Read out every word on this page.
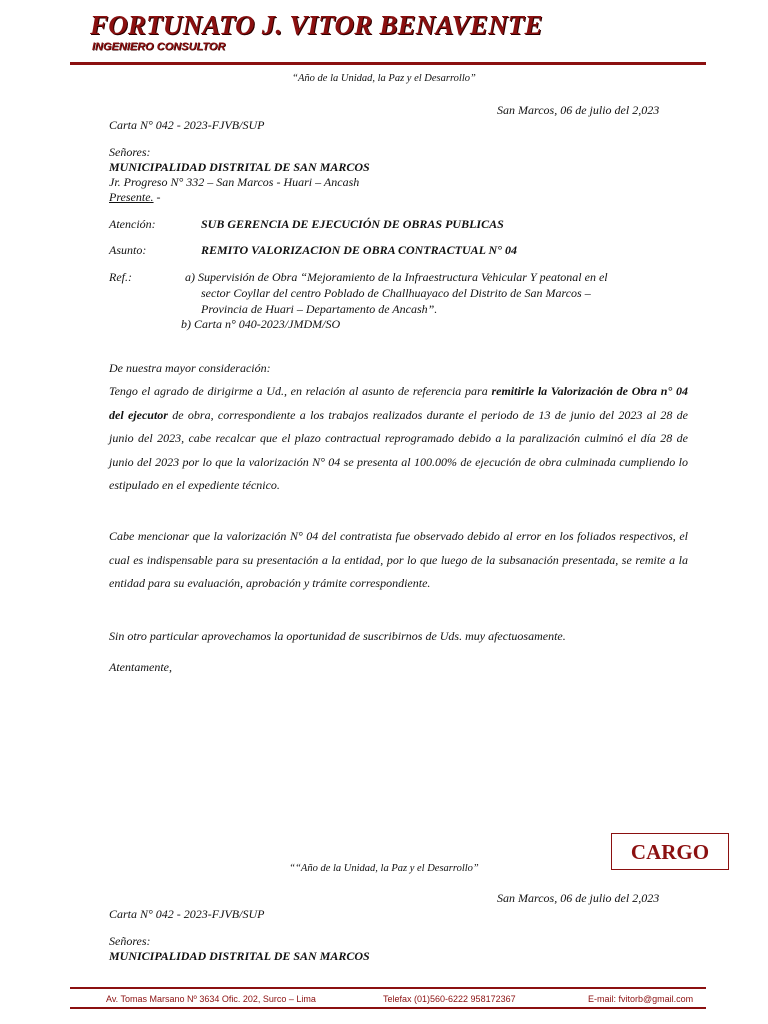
FORTUNATO J. VITOR BENAVENTE
INGENIERO CONSULTOR
“Año de la Unidad, la Paz y el Desarrollo”
San Marcos, 06 de julio del 2,023
Carta N° 042 - 2023-FJVB/SUP
Señores:
MUNICIPALIDAD DISTRITAL DE SAN MARCOS
Jr. Progreso N° 332 – San Marcos - Huari – Ancash
Presente. -
Atención:	SUB GERENCIA DE EJECUCIÓN DE OBRAS PUBLICAS
Asunto:	REMITO VALORIZACION DE OBRA CONTRACTUAL N° 04
Ref.:	a) Supervisión de Obra “Mejoramiento de la Infraestructura Vehicular Y peatonal en el
sector Coyllar del centro Poblado de Challhuayaco del Distrito de San Marcos –
Provincia de Huari – Departamento de Ancash”.
b) Carta n° 040-2023/JMDM/SO
De nuestra mayor consideración:
Tengo el agrado de dirigirme a Ud., en relación al asunto de referencia para remitirle la Valorización de Obra n° 04 del ejecutor de obra, correspondiente a los trabajos realizados durante el periodo de 13 de junio del 2023 al 28 de junio del 2023, cabe recalcar que el plazo contractual reprogramado debido a la paralización culminó el día 28 de junio del 2023 por lo que la valorización N° 04 se presenta al 100.00% de ejecución de obra culminada cumpliendo lo estipulado en el expediente técnico.
Cabe mencionar que la valorización N° 04 del contratista fue observado debido al error en los foliados respectivos, el cual es indispensable para su presentación a la entidad, por lo que luego de la subsanación presentada, se remite a la entidad para su evaluación, aprobación y trámite correspondiente.
Sin otro particular aprovechamos la oportunidad de suscribirnos de Uds. muy afectuosamente.
Atentamente,
CARGO
““Año de la Unidad, la Paz y el Desarrollo”
San Marcos, 06 de julio del 2,023
Carta N° 042 - 2023-FJVB/SUP
Señores:
MUNICIPALIDAD DISTRITAL DE SAN MARCOS
Av. Tomas Marsano Nº 3634 Ofic. 202, Surco – Lima	Telefax (01)560-6222 958172367	E-mail: fvitorb@gmail.com
